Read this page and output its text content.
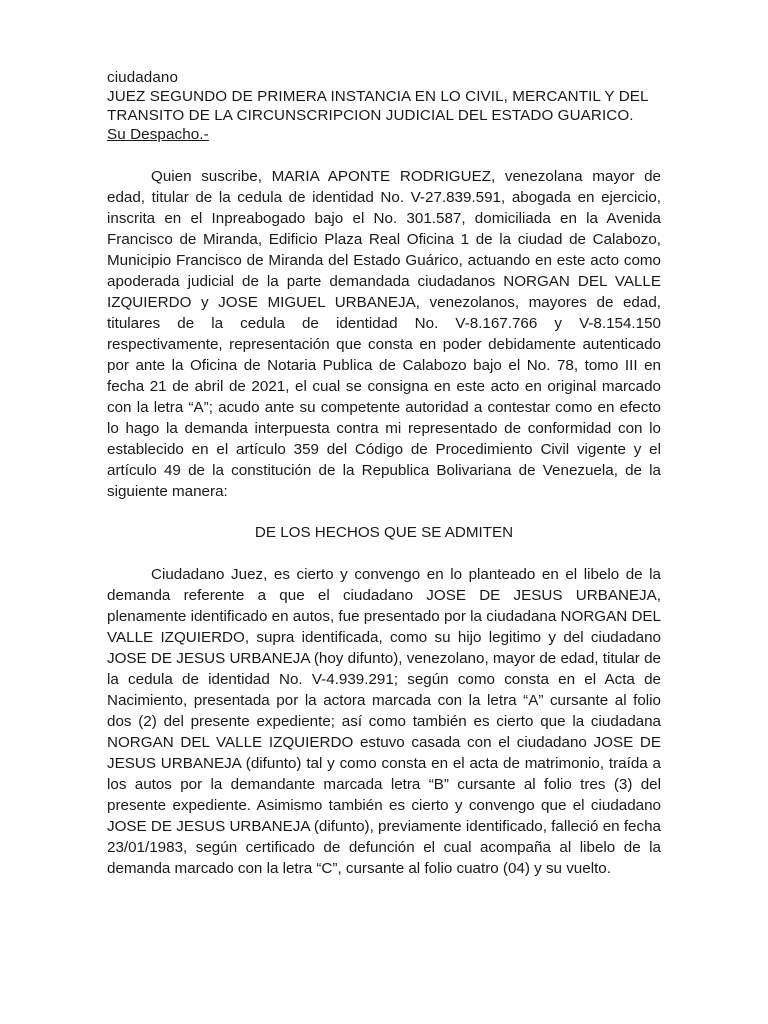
ciudadano
JUEZ SEGUNDO DE PRIMERA INSTANCIA EN LO CIVIL, MERCANTIL Y DEL
TRANSITO DE LA CIRCUNSCRIPCION JUDICIAL DEL ESTADO GUARICO.
Su Despacho.-

Quien suscribe, MARIA APONTE RODRIGUEZ, venezolana mayor de edad, titular de la cedula de identidad No. V-27.839.591, abogada en ejercicio, inscrita en el Inpreabogado bajo el No. 301.587, domiciliada en la Avenida Francisco de Miranda, Edificio Plaza Real Oficina 1 de la ciudad de Calabozo, Municipio Francisco de Miranda del Estado Guárico, actuando en este acto como apoderada judicial de la parte demandada ciudadanos NORGAN DEL VALLE IZQUIERDO y JOSE MIGUEL URBANEJA, venezolanos, mayores de edad, titulares de la cedula de identidad No. V-8.167.766 y V-8.154.150 respectivamente, representación que consta en poder debidamente autenticado por ante la Oficina de Notaria Publica de Calabozo bajo el No. 78, tomo III en fecha 21 de abril de 2021, el cual se consigna en este acto en original marcado con la letra “A”; acudo ante su competente autoridad a contestar como en efecto lo hago la demanda interpuesta contra mi representado de conformidad con lo establecido en el artículo 359 del Código de Procedimiento Civil vigente y el artículo 49 de la constitución de la Republica Bolivariana de Venezuela, de la siguiente manera:

DE LOS HECHOS QUE SE ADMITEN

Ciudadano Juez, es cierto y convengo en lo planteado en el libelo de la demanda referente a que el ciudadano JOSE DE JESUS URBANEJA, plenamente identificado en autos, fue presentado por la ciudadana NORGAN DEL VALLE IZQUIERDO, supra identificada, como su hijo legitimo y del ciudadano JOSE DE JESUS URBANEJA (hoy difunto), venezolano, mayor de edad, titular de la cedula de identidad No. V-4.939.291; según como consta en el Acta de Nacimiento, presentada por la actora marcada con la letra “A” cursante al folio dos (2) del presente expediente; así como también es cierto que la ciudadana NORGAN DEL VALLE IZQUIERDO estuvo casada con el ciudadano JOSE DE JESUS URBANEJA (difunto) tal y como consta en el acta de matrimonio, traída a los autos por la demandante marcada letra “B” cursante al folio tres (3) del presente expediente. Asimismo también es cierto y convengo que el ciudadano JOSE DE JESUS URBANEJA (difunto), previamente identificado, falleció en fecha 23/01/1983, según certificado de defunción el cual acompaña al libelo de la demanda marcado con la letra “C”, cursante al folio cuatro (04) y su vuelto.
